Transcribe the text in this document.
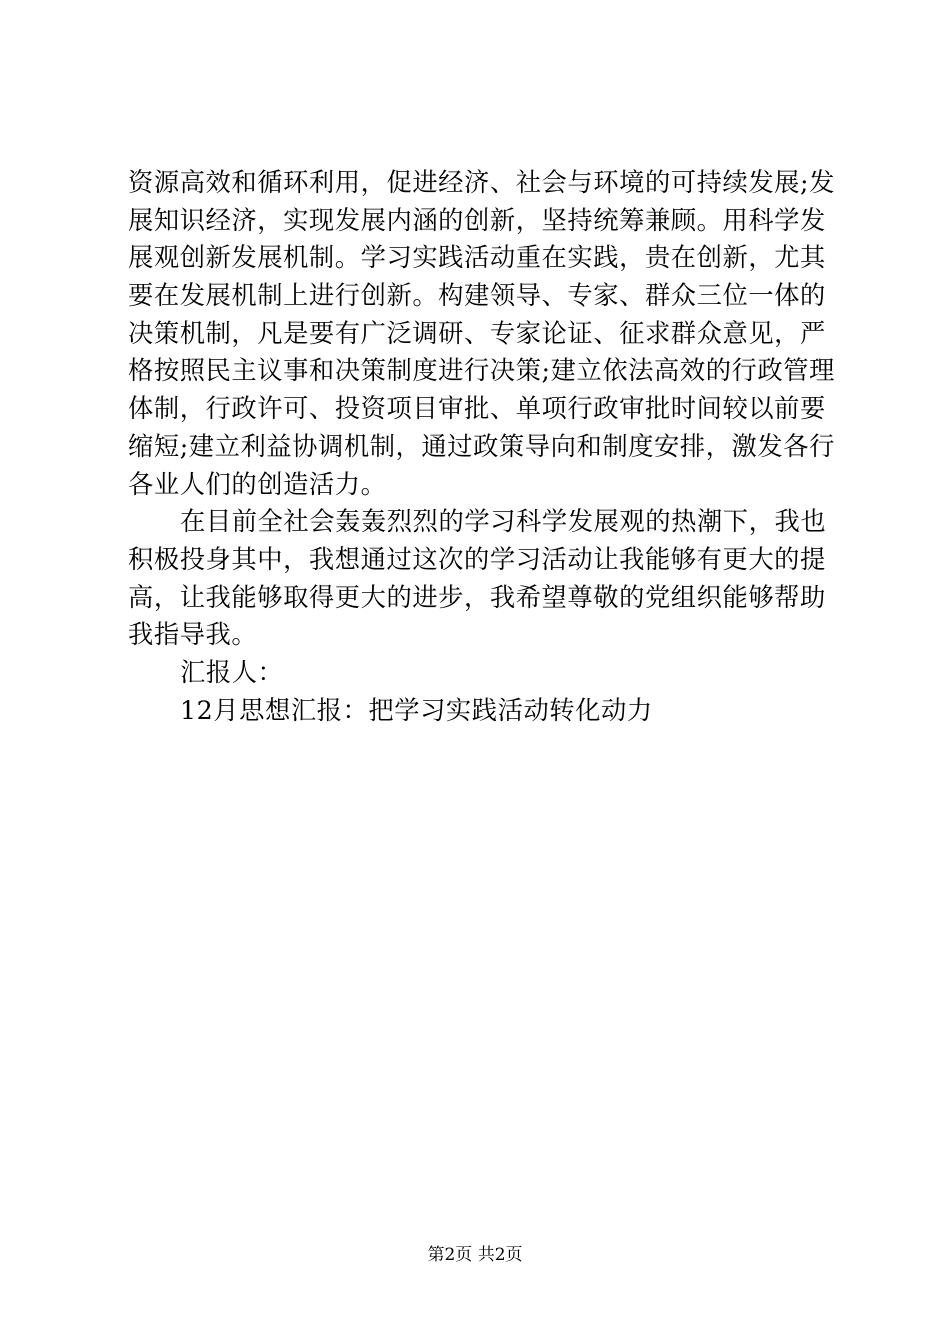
资源高效和循环利用，促进经济、社会与环境的可持续发展;发
展知识经济，实现发展内涵的创新，坚持统筹兼顾。用科学发
展观创新发展机制。学习实践活动重在实践，贵在创新，尤其
要在发展机制上进行创新。构建领导、专家、群众三位一体的
决策机制，凡是要有广泛调研、专家论证、征求群众意见，严
格按照民主议事和决策制度进行决策;建立依法高效的行政管理
体制，行政许可、投资项目审批、单项行政审批时间较以前要
缩短;建立利益协调机制，通过政策导向和制度安排，激发各行
各业人们的创造活力。
在目前全社会轰轰烈烈的学习科学发展观的热潮下，我也
积极投身其中，我想通过这次的学习活动让我能够有更大的提
高，让我能够取得更大的进步，我希望尊敬的党组织能够帮助
我指导我。
汇报人：
12月思想汇报：把学习实践活动转化动力
第2页 共2页
